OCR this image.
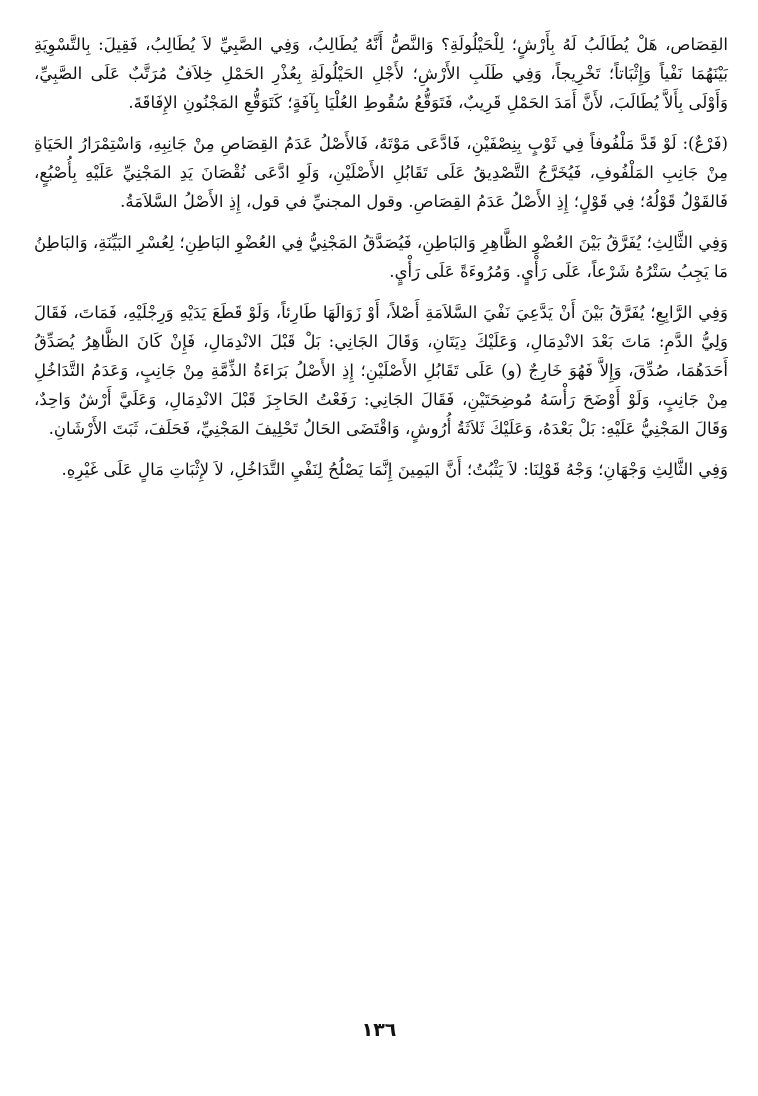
القِصَاص، هَلْ يُطَالَبُ لَهُ بِأَرْشٍ؛ لِلْحَيْلُولَةِ؟ وَالنَّصُّ أَنَّهُ يُطَالِبُ، وَفِي الصَّبِيِّ لاَ يُطَالِبُ، فَقِيلَ: بِالتَّسْوِيَةِ بَيْنَهُمَا نَفْياً وَإِثْبَاتاً؛ تَخْرِيجاً، وَفِي طَلَبِ الأَرْشِ؛ لأَجْلِ الحَيْلُولَةِ بِعُذْرِ الحَمْلِ خِلاَفٌ مُرَتَّبٌ عَلَى الصَّبِيِّ، وَأَوْلَى بِأَلاَّ يُطَالَبَ، لأَنَّ أَمَدَ الحَمْلِ قَرِيبٌ، فَتَوَقُّعُ سُقُوطِ العُلْيَا بِآفَةٍ؛ كَتَوَقُّعِ المَجْنُونِ الإِفَاقَةَ.

(فَرْعٌ): لَوْ قَدَّ مَلْفُوفاً فِي ثَوْبٍ بِنِصْفَيْنِ، فَادَّعَى مَوْتَهُ، فَالأَصْلُ عَدَمُ القِصَاصِ مِنْ جَانِبِهِ، وَاسْتِمْرَارُ الحَيَاةِ مِنْ جَانِبِ المَلْفُوفِ، فَيُخَرَّجُ التَّصْدِيقُ عَلَى تَقَابُلِ الأَصْلَيْنِ، وَلَوِ ادَّعَى نُقْصَانَ يَدِ المَجْنِيِّ عَلَيْهِ بِأُصْبُعٍ، فَالقَوْلُ قَوْلُهُ؛ فِي قَوْلٍ؛ إِذِ الأَصْلُ عَدَمُ القِصَاصِ. وقول المجنيِّ في قول، إِذِ الأَصْلُ السَّلاَمَةُ.

وَفِي الثَّالِثِ؛ يُفَرَّقُ بَيْنَ العُضْوِ الظَّاهِرِ وَالبَاطِنِ، فَيُصَدَّقُ المَجْنِيُّ فِي العُضْوِ البَاطِنِ؛ لِعُسْرِ البَيِّنَةِ، وَالبَاطِنُ مَا يَجِبُ سَتْرُهُ شَرْعاً، عَلَى رَأْيٍ. وَمُرُوءَةً عَلَى رَأْيٍ.

وَفِي الرَّابِعِ؛ يُفَرَّقُ بَيْنَ أَنْ يَدَّعِيَ نَفْيَ السَّلاَمَةِ أَصْلاً، أَوْ زَوَالَهَا طَارِئاً، وَلَوْ قَطَعَ يَدَيْهِ وَرِجْلَيْهِ، فَمَاتَ، فَقَالَ وَلِيُّ الدَّمِ: مَاتَ بَعْدَ الانْدِمَالِ، وَعَلَيْكَ دِيَتَانِ، وَقَالَ الجَانِي: بَلْ قَبْلَ الانْدِمَالِ، فَإِنْ كَانَ الظَّاهِرُ يُصَدِّقُ أَحَدَهُمَا، صُدِّقَ، وَإِلاَّ فَهُوَ خَارِجٌ (و) عَلَى تَقَابُلِ الأَصْلَيْنِ؛ إِذِ الأَصْلُ بَرَاءَةُ الذِّمَّةِ مِنْ جَانِبٍ، وَعَدَمُ التَّدَاخُلِ مِنْ جَانِبٍ، وَلَوْ أَوْضَحَ رَأْسَهُ مُوضِحَتَيْنِ، فَقَالَ الجَانِي: رَفَعْتُ الحَاجِزَ قَبْلَ الانْدِمَالِ، وَعَلَيَّ أَرْشٌ وَاحِدٌ، وَقَالَ المَجْنِيُّ عَلَيْهِ: بَلْ بَعْدَهُ، وَعَلَيْكَ ثَلاَثَةُ أُرُوشٍ، وَاقْتَضَى الحَالُ تَحْلِيفَ المَجْنِيِّ، فَحَلَفَ، ثَبَتَ الأَرْشَانِ.

وَفِي الثَّالِثِ وَجْهَانِ؛ وَجْهُ قَوْلِنَا: لاَ يَثْبُتُ؛ أَنَّ اليَمِينَ إِنَّمَا يَصْلُحُ لِنَفْيِ التَّدَاخُلِ، لاَ لإِثْبَاتِ مَالٍ عَلَى غَيْرِهِ.

١٣٦
